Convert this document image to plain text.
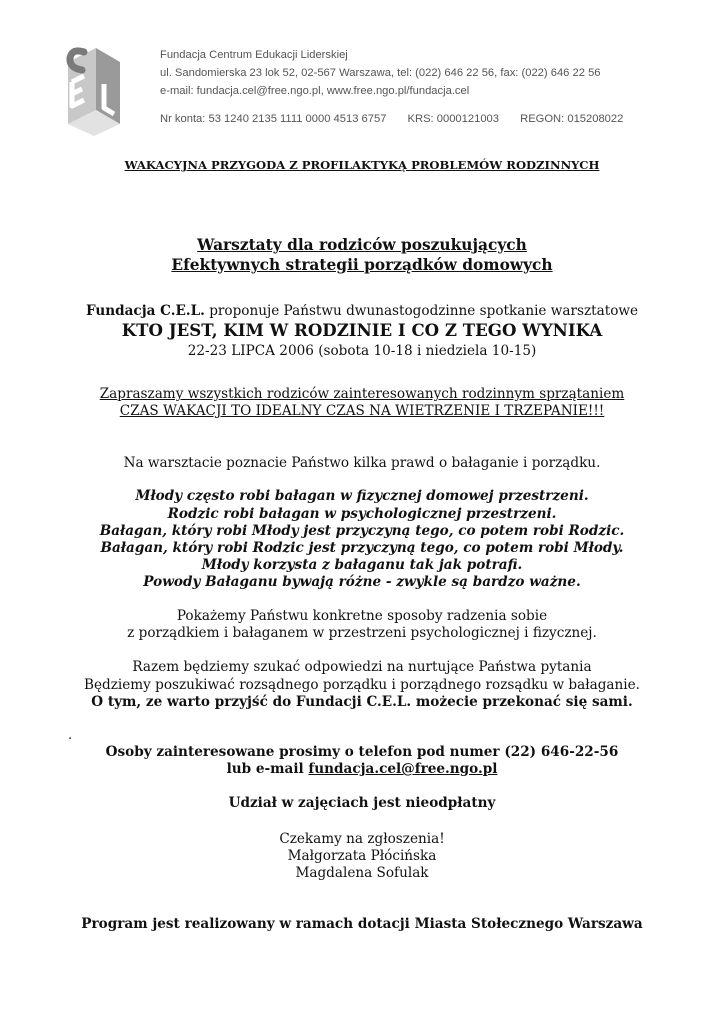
Fundacja Centrum Edukacji Liderskiej
ul. Sandomierska 23 lok 52, 02-567 Warszawa, tel: (022) 646 22 56, fax: (022) 646 22 56
e-mail: fundacja.cel@free.ngo.pl, www.free.ngo.pl/fundacja.cel
Nr konta: 53 1240 2135 1111 0000 4513 6757 KRS: 0000121003 REGON: 015208022
WAKACYJNA PRZYGODA Z PROFILAKTYKĄ PROBLEMÓW RODZINNYCH
Warsztaty dla rodziców poszukujących
Efektywnych strategii porządków domowych
Fundacja C.E.L. proponuje Państwu dwunastogodzinne spotkanie warsztatowe
KTO JEST, KIM W RODZINIE I CO Z TEGO WYNIKA
22-23 LIPCA 2006 (sobota 10-18 i niedziela 10-15)
Zapraszamy wszystkich rodziców zainteresowanych rodzinnym sprzątaniem
CZAS WAKACJI TO IDEALNY CZAS NA WIETRZENIE I TRZEPANIE!!!
Na warsztacie poznacie Państwo kilka prawd o bałaganie i porządku.
Młody często robi bałagan w fizycznej domowej przestrzeni.
Rodzic robi bałagan w psychologicznej przestrzeni.
Bałagan, który robi Młody jest przyczyną tego, co potem robi Rodzic.
Bałagan, który robi Rodzic jest przyczyną tego, co potem robi Młody.
Młody korzysta z bałaganu tak jak potrafi.
Powody Bałaganu bywają różne - zwykle są bardzo ważne.
Pokażemy Państwu konkretne sposoby radzenia sobie
z porządkiem i bałaganem w przestrzeni psychologicznej i fizycznej.
Razem będziemy szukać odpowiedzi na nurtujące Państwa pytania
Będziemy poszukiwać rozsądnego porządku i porządnego rozsądku w bałaganie.
O tym, ze warto przyjść do Fundacji C.E.L. możecie przekonać się sami.
.
Osoby zainteresowane prosimy o telefon pod numer (22) 646-22-56
lub e-mail fundacja.cel@free.ngo.pl
Udział w zajęciach jest nieodpłatny
Czekamy na zgłoszenia!
Małgorzata Płócińska
Magdalena Sofulak
Program jest realizowany w ramach dotacji Miasta Stołecznego Warszawa
